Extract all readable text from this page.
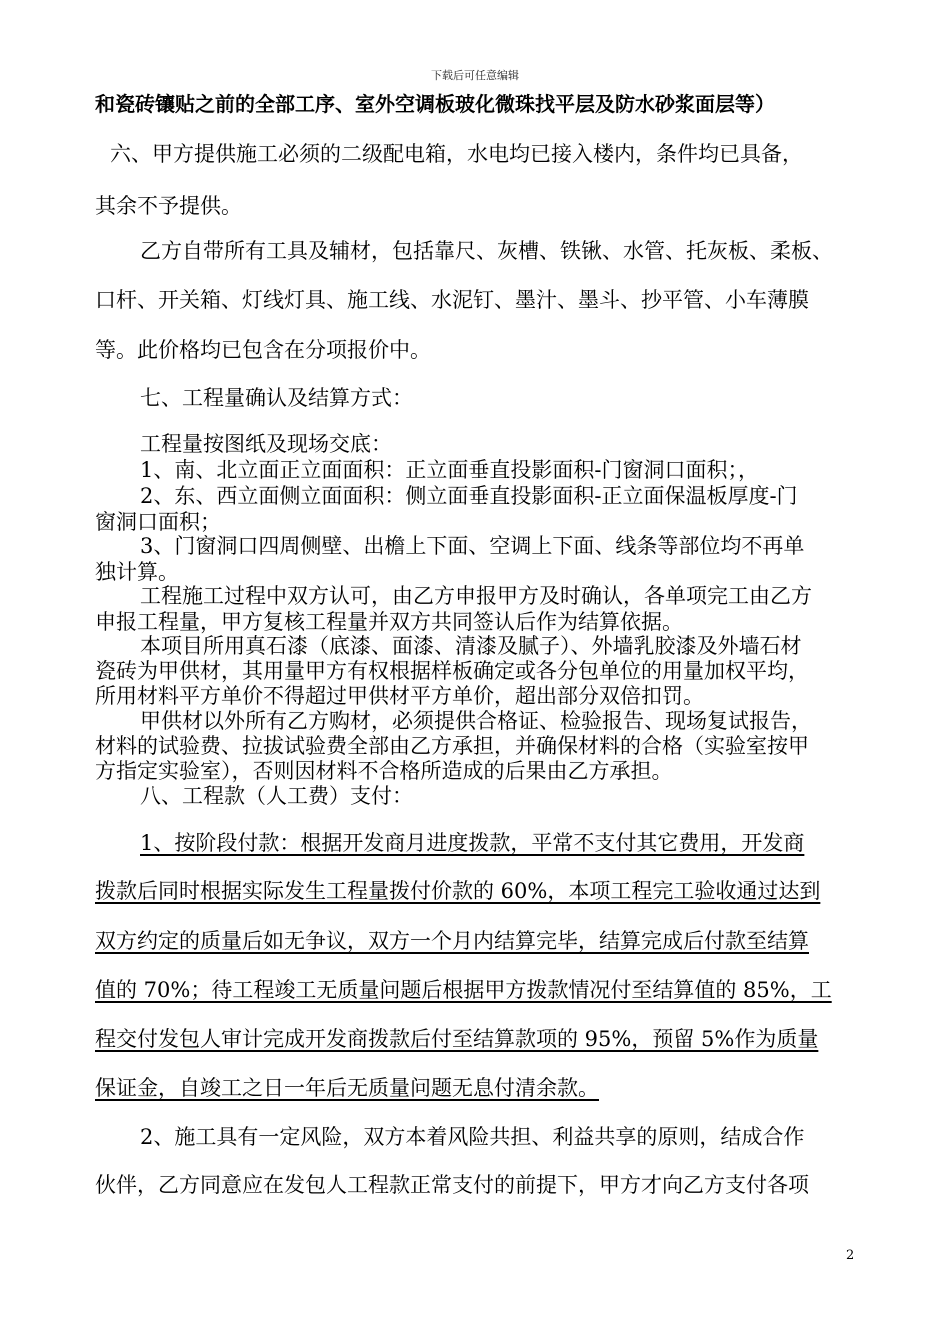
下载后可任意编辑
和瓷砖镶贴之前的全部工序、室外空调板玻化微珠找平层及防水砂浆面层等）
六、甲方提供施工必须的二级配电箱，水电均已接入楼内，条件均已具备，
其余不予提供。
乙方自带所有工具及辅材，包括靠尺、灰槽、铁锹、水管、托灰板、柔板、
口杆、开关箱、灯线灯具、施工线、水泥钉、墨汁、墨斗、抄平管、小车薄膜
等。此价格均已包含在分项报价中。
七、工程量确认及结算方式：
工程量按图纸及现场交底：
1、南、北立面正立面面积：正立面垂直投影面积-门窗洞口面积；，
2、东、西立面侧立面面积：侧立面垂直投影面积-正立面保温板厚度-门
窗洞口面积；
3、门窗洞口四周侧壁、出檐上下面、空调上下面、线条等部位均不再单
独计算。
工程施工过程中双方认可，由乙方申报甲方及时确认，各单项完工由乙方
申报工程量，甲方复核工程量并双方共同签认后作为结算依据。
本项目所用真石漆（底漆、面漆、清漆及腻子）、外墙乳胶漆及外墙石材
瓷砖为甲供材，其用量甲方有权根据样板确定或各分包单位的用量加权平均，
所用材料平方单价不得超过甲供材平方单价，超出部分双倍扣罚。
甲供材以外所有乙方购材，必须提供合格证、检验报告、现场复试报告，
材料的试验费、拉拔试验费全部由乙方承担，并确保材料的合格（实验室按甲
方指定实验室），否则因材料不合格所造成的后果由乙方承担。
八、工程款（人工费）支付：
1、按阶段付款：根据开发商月进度拨款，平常不支付其它费用，开发商
拨款后同时根据实际发生工程量拨付价款的 60%，本项工程完工验收通过达到
双方约定的质量后如无争议，双方一个月内结算完毕，结算完成后付款至结算
值的 70%；待工程竣工无质量问题后根据甲方拨款情况付至结算值的 85%，工
程交付发包人审计完成开发商拨款后付至结算款项的 95%，预留 5%作为质量
保证金，自竣工之日一年后无质量问题无息付清余款。
2、施工具有一定风险，双方本着风险共担、利益共享的原则，结成合作
伙伴，乙方同意应在发包人工程款正常支付的前提下，甲方才向乙方支付各项
2
